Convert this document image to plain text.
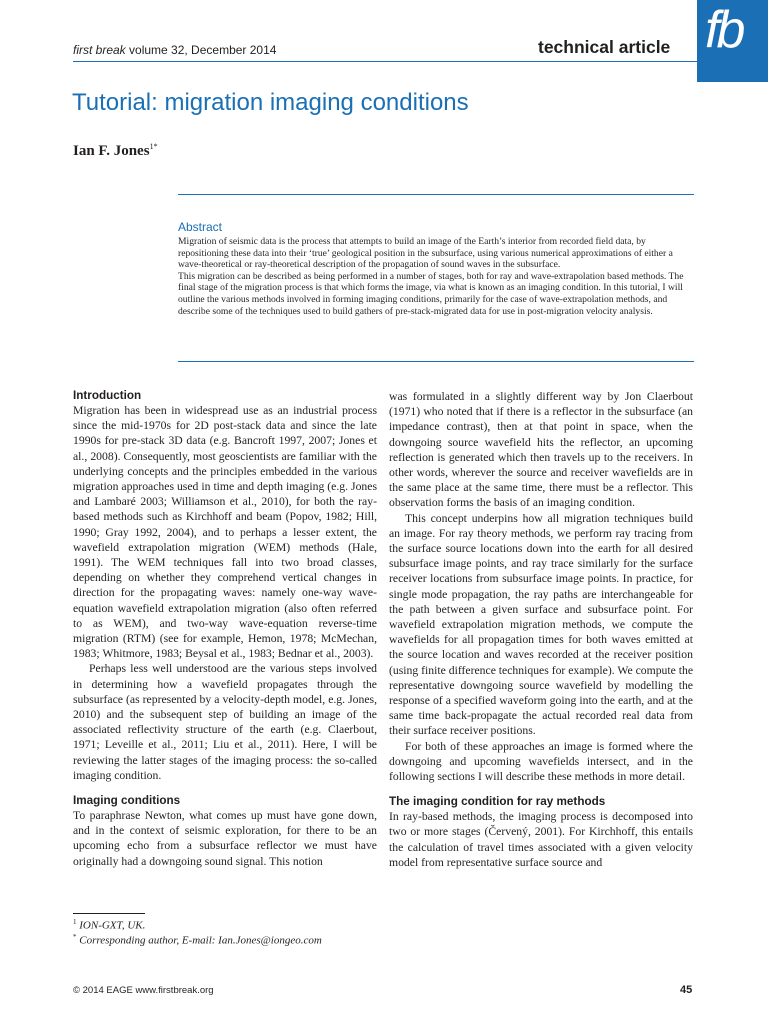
first break volume 32, December 2014	technical article fb
Tutorial: migration imaging conditions
Ian F. Jones$^{1*}$
Abstract

Migration of seismic data is the process that attempts to build an image of the Earth’s interior from recorded field data, by repositioning these data into their ‘true’ geological position in the subsurface, using various numerical approximations of either a wave-theoretical or ray-theoretical description of the propagation of sound waves in the subsurface.

This migration can be described as being performed in a number of stages, both for ray and wave-extrapolation based methods. The final stage of the migration process is that which forms the image, via what is known as an imaging condition. In this tutorial, I will outline the various methods involved in forming imaging conditions, primarily for the case of wave-extrapolation methods, and describe some of the techniques used to build gathers of pre-stack-migrated data for use in post-migration velocity analysis.

Introduction

Migration has been in widespread use as an industrial process since the mid-1970s for 2D post-stack data and since the late 1990s for pre-stack 3D data (e.g. Bancroft 1997, 2007; Jones et al., 2008). Consequently, most geoscientists are familiar with the underlying concepts and the principles embedded in the various migration approaches used in time and depth imaging (e.g. Jones and Lambaré 2003; Williamson et al., 2010), for both the ray-based methods such as Kirchhoff and beam (Popov, 1982; Hill, 1990; Gray 1992, 2004), and to perhaps a lesser extent, the wavefield extrapolation migration (WEM) methods (Hale, 1991). The WEM techniques fall into two broad classes, depending on whether they comprehend vertical changes in direction for the propagating waves: namely one-way wave-equation wavefield extrapolation migration (also often referred to as WEM), and two-way wave-equation reverse-time migration (RTM) (see for example, Hemon, 1978; McMechan, 1983; Whitmore, 1983; Beysal et al., 1983; Bednar et al., 2003).

Perhaps less well understood are the various steps involved in determining how a wavefield propagates through the subsurface (as represented by a velocity-depth model, e.g. Jones, 2010) and the subsequent step of building an image of the associated reflectivity structure of the earth (e.g. Claerbout, 1971; Leveille et al., 2011; Liu et al., 2011). Here, I will be reviewing the latter stages of the imaging process: the so-called imaging condition.

Imaging conditions

To paraphrase Newton, what comes up must have gone down, and in the context of seismic exploration, for there to be an upcoming echo from a subsurface reflector we must have originally had a downgoing sound signal. This notion

was formulated in a slightly different way by Jon Claerbout (1971) who noted that if there is a reflector in the subsurface (an impedance contrast), then at that point in space, when the downgoing source wavefield hits the reflector, an upcoming reflection is generated which then travels up to the receivers. In other words, wherever the source and receiver wavefields are in the same place at the same time, there must be a reflector. This observation forms the basis of an imaging condition.

This concept underpins how all migration techniques build an image. For ray theory methods, we perform ray tracing from the surface source locations down into the earth for all desired subsurface image points, and ray trace similarly for the surface receiver locations from subsurface image points. In practice, for single mode propagation, the ray paths are interchangeable for the path between a given surface and subsurface point. For wavefield extrapolation migration methods, we compute the wavefields for all propagation times for both waves emitted at the source location and waves recorded at the receiver position (using finite difference techniques for example). We compute the representative downgoing source wavefield by modelling the response of a specified waveform going into the earth, and at the same time back-propagate the actual recorded real data from their surface receiver positions.

For both of these approaches an image is formed where the downgoing and upcoming wavefields intersect, and in the following sections I will describe these methods in more detail.

The imaging condition for ray methods

In ray-based methods, the imaging process is decomposed into two or more stages (Červený, 2001). For Kirchhoff, this entails the calculation of travel times associated with a given velocity model from representative surface source and

$^1$ ION-GXT, UK.
* Corresponding author, E-mail: Ian.Jones@iongeo.com
© 2014 EAGE www.firstbreak.org	45
